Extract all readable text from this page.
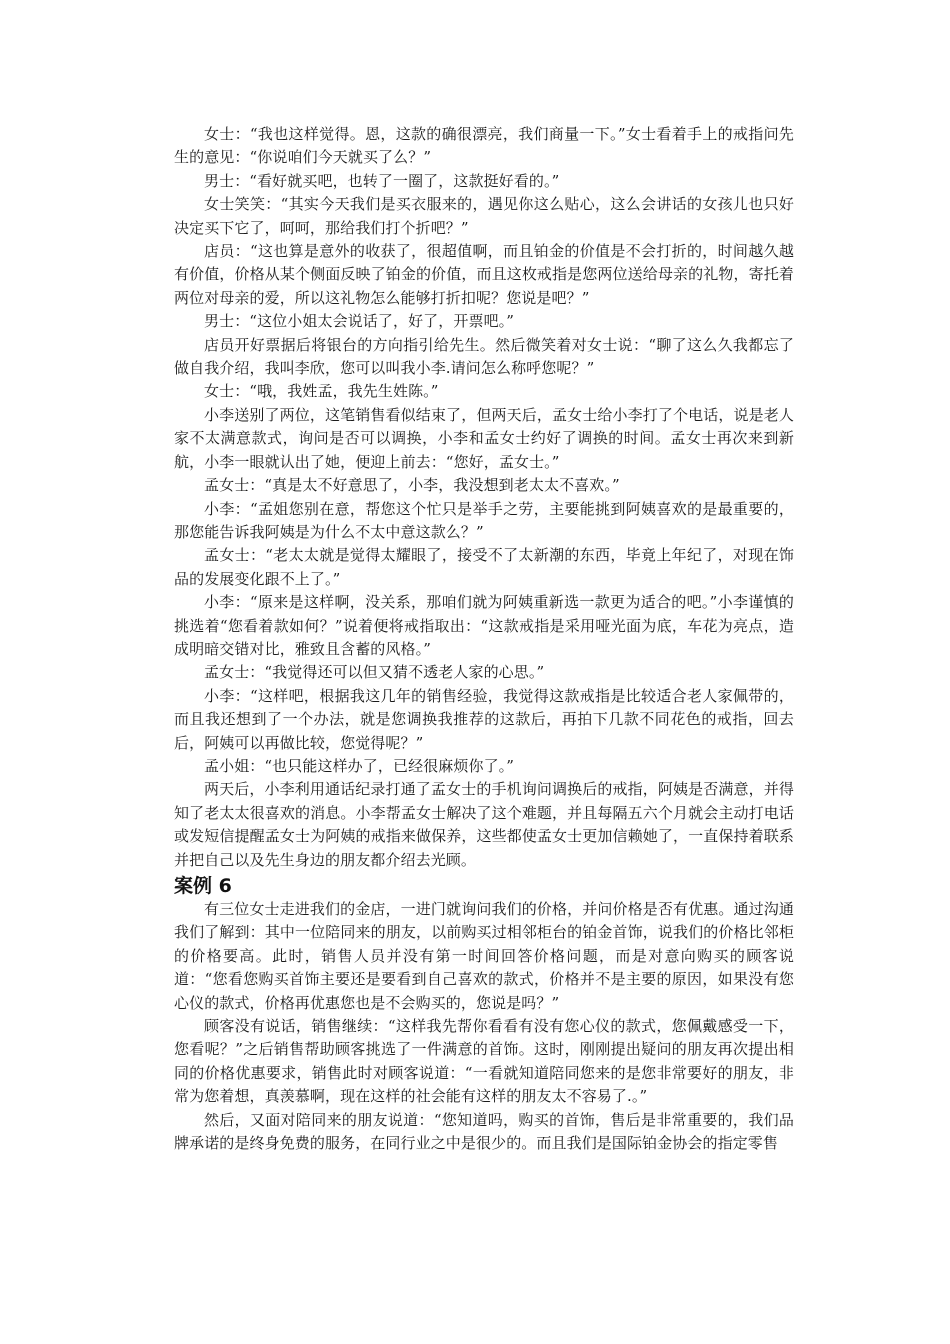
女士：“我也这样觉得。恩，这款的确很漂亮，我们商量一下。”女士看着手上的戒指问先生的意见：“你说咱们今天就买了么？”

男士：“看好就买吧，也转了一圈了，这款挺好看的。”

女士笑笑：“其实今天我们是买衣服来的，遇见你这么贴心，这么会讲话的女孩儿也只好决定买下它了，呵呵，那给我们打个折吧？”

店员：“这也算是意外的收获了，很超值啊，而且铂金的价值是不会打折的，时间越久越有价值，价格从某个侧面反映了铂金的价值，而且这枚戒指是您两位送给母亲的礼物，寄托着两位对母亲的爱，所以这礼物怎么能够打折扣呢？您说是吧？”

男士：“这位小姐太会说话了，好了，开票吧。”

店员开好票据后将银台的方向指引给先生。然后微笑着对女士说：“聊了这么久我都忘了做自我介绍，我叫李欣，您可以叫我小李.请问怎么称呼您呢？”

女士：“哦，我姓孟，我先生姓陈。”

小李送别了两位，这笔销售看似结束了，但两天后，孟女士给小李打了个电话，说是老人家不太满意款式，询问是否可以调换，小李和孟女士约好了调换的时间。孟女士再次来到新航，小李一眼就认出了她，便迎上前去：“您好，孟女士。”

孟女士：“真是太不好意思了，小李，我没想到老太太不喜欢。”

小李：“孟姐您别在意，帮您这个忙只是举手之劳，主要能挑到阿姨喜欢的是最重要的，那您能告诉我阿姨是为什么不太中意这款么？”

孟女士：“老太太就是觉得太耀眼了，接受不了太新潮的东西，毕竟上年纪了，对现在饰品的发展变化跟不上了。”

小李：“原来是这样啊，没关系，那咱们就为阿姨重新选一款更为适合的吧。”小李谨慎的挑选着“您看着款如何？”说着便将戒指取出：“这款戒指是采用哑光面为底，车花为亮点，造成明暗交错对比，雅致且含蓄的风格。”

孟女士：“我觉得还可以但又猜不透老人家的心思。”

小李：“这样吧，根据我这几年的销售经验，我觉得这款戒指是比较适合老人家佩带的，而且我还想到了一个办法，就是您调换我推荐的这款后，再拍下几款不同花色的戒指，回去后，阿姨可以再做比较，您觉得呢？”

孟小姐：“也只能这样办了，已经很麻烦你了。”

两天后，小李利用通话纪录打通了孟女士的手机询问调换后的戒指，阿姨是否满意，并得知了老太太很喜欢的消息。小李帮孟女士解决了这个难题，并且每隔五六个月就会主动打电话或发短信提醒孟女士为阿姨的戒指来做保养，这些都使孟女士更加信赖她了，一直保持着联系并把自己以及先生身边的朋友都介绍去光顾。

案例 6

有三位女士走进我们的金店，一进门就询问我们的价格，并问价格是否有优惠。通过沟通我们了解到：其中一位陪同来的朋友，以前购买过相邻柜台的铂金首饰，说我们的价格比邻柜的价格要高。此时，销售人员并没有第一时间回答价格问题，而是对意向购买的顾客说道：“您看您购买首饰主要还是要看到自己喜欢的款式，价格并不是主要的原因，如果没有您心仪的款式，价格再优惠您也是不会购买的，您说是吗？”

顾客没有说话，销售继续：“这样我先帮你看看有没有您心仪的款式，您佩戴感受一下，您看呢？”之后销售帮助顾客挑选了一件满意的首饰。这时，刚刚提出疑问的朋友再次提出相同的价格优惠要求，销售此时对顾客说道：“一看就知道陪同您来的是您非常要好的朋友，非常为您着想，真羡慕啊，现在这样的社会能有这样的朋友太不容易了.。”

然后，又面对陪同来的朋友说道：“您知道吗，购买的首饰，售后是非常重要的，我们品牌承诺的是终身免费的服务，在同行业之中是很少的。而且我们是国际铂金协会的指定零售
